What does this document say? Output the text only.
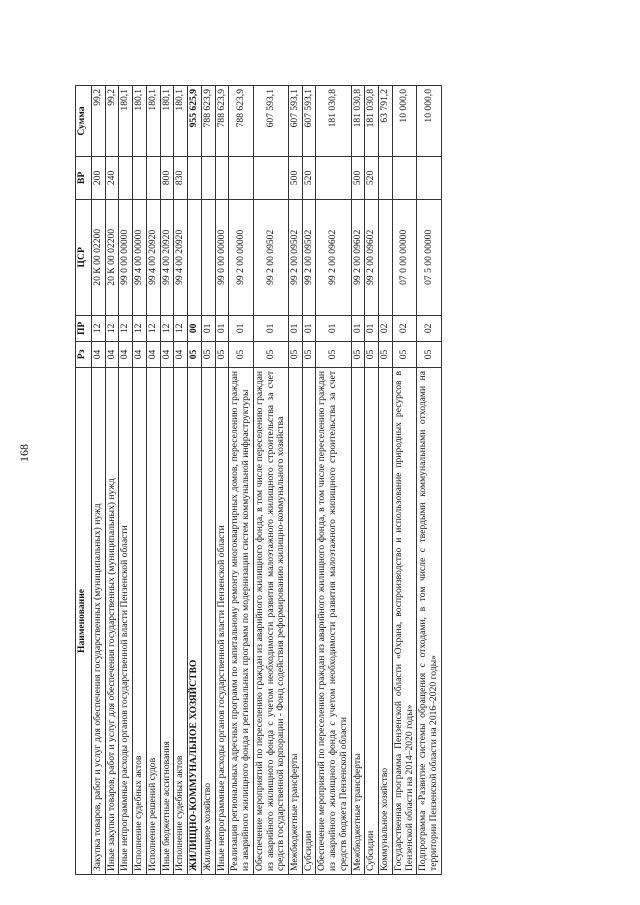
168
Наименование	Рз	ПР	ЦСР	ВР	Сумма
Закупка товаров, работ и услуг для обеспечения государственных (муниципальных) нужд	04	12	20 К 00 02200	200	99,2
Иные закупки товаров, работ и услуг для обеспечения государственных (муниципальных) нужд	04	12	20 К 00 02200	240	99,2
Иные непрограммные расходы органов государственной власти Пензенской области	04	12	99 0 00 00000		180,1
Исполнение судебных актов	04	12	99 4 00 00000		180,1
Исполнение решений судов	04	12	99 4 00 20920		180,1
Иные бюджетные ассигнования	04	12	99 4 00 20920	800	180,1
Исполнение судебных актов	04	12	99 4 00 20920	830	180,1
ЖИЛИЩНО-КОММУНАЛЬНОЕ ХОЗЯЙСТВО	05	00			955 625,9
Жилищное хозяйство	05	01			788 623,9
Иные непрограммные расходы органов государственной власти Пензенской области	05	01	99 0 00 00000		788 623,9
Реализация региональных адресных программ по капитальному ремонту многоквартирных домов, переселению граждан из аварийного жилищного фонда и региональных программ по модернизации систем коммунальной инфраструктуры	05	01	99 2 00 00000		788 623,9
Обеспечение мероприятий по переселению граждан из аварийного жилищного фонда, в том числе переселению граждан из аварийного жилищного фонда с учетом необходимости развития малоэтажного жилищного строительства за счет средств государственной корпорации - Фонд содействия реформированию жилищно-коммунального хозяйства	05	01	99 2 00 09502		607 593,1
Межбюджетные трансферты	05	01	99 2 00 09502	500	607 593,1
Субсидии	05	01	99 2 00 09502	520	607 593,1
Обеспечение мероприятий по переселению граждан из аварийного жилищного фонда, в том числе переселению граждан из аварийного жилищного фонда с учетом необходимости развития малоэтажного жилищного строительства за счет средств бюджета Пензенской области	05	01	99 2 00 09602		181 030,8
Межбюджетные трансферты	05	01	99 2 00 09602	500	181 030,8
Субсидии	05	01	99 2 00 09602	520	181 030,8
Коммунальное хозяйство	05	02			63 791,2
Государственная программа Пензенской области «Охрана, воспроизводство и использование природных ресурсов в Пензенской области на 2014–2020 годы»	05	02	07 0 00 00000		10 000,0
Подпрограмма «Развитие системы обращения с отходами, в том числе с твердыми коммунальными отходами на территории Пензенской области на 2016–2020 годы»	05	02	07 5 00 00000		10 000,0
